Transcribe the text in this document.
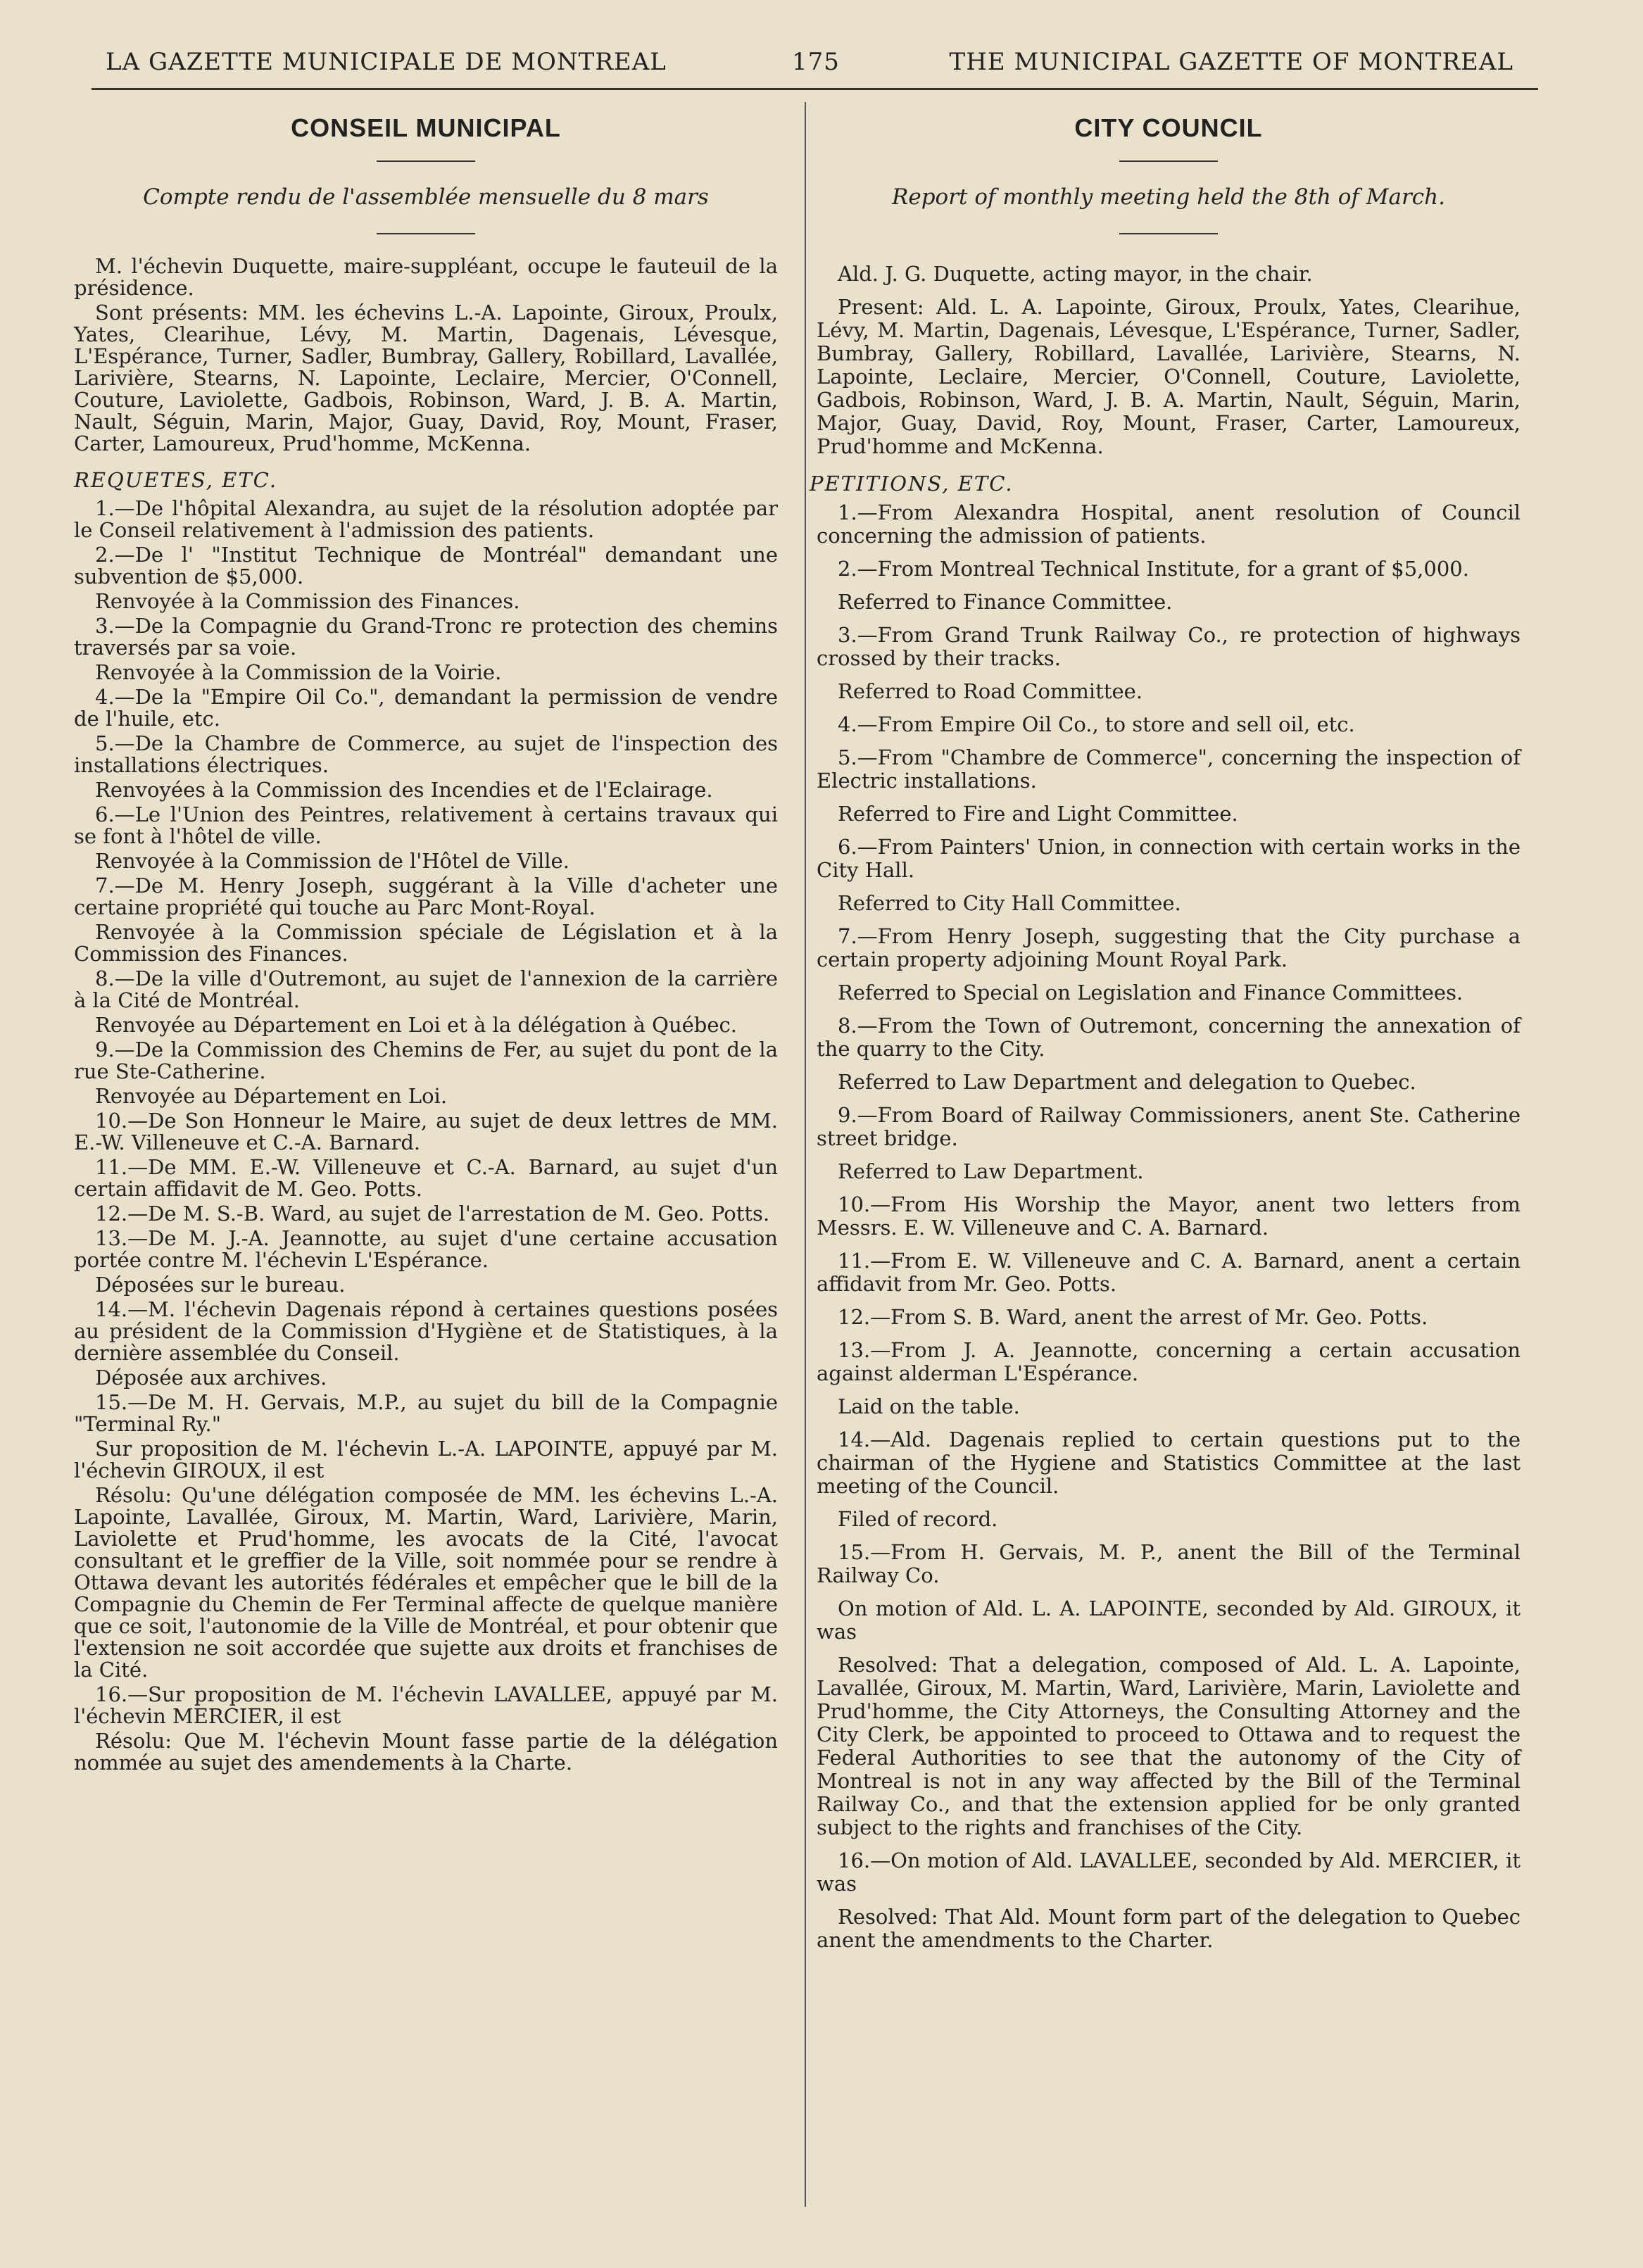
LA GAZETTE MUNICIPALE DE MONTREAL	175	THE MUNICIPAL GAZETTE OF MONTREAL
CONSEIL MUNICIPAL
Compte rendu de l'assemblée mensuelle du 8 mars

M. l'échevin Duquette, maire-suppléant, occupe le fauteuil de la présidence.

Sont présents: MM. les échevins L.-A. Lapointe, Giroux, Proulx, Yates, Clearihue, Lévy, M. Martin, Dagenais, Lévesque, L'Espérance, Turner, Sadler, Bumbray, Gallery, Robillard, Lavallée, Larivière, Stearns, N. Lapointe, Leclaire, Mercier, O'Connell, Couture, Laviolette, Gadbois, Robinson, Ward, J. B. A. Martin, Nault, Séguin, Marin, Major, Guay, David, Roy, Mount, Fraser, Carter, Lamoureux, Prud'homme, McKenna.

REQUETES, ETC.

1.—De l'hôpital Alexandra, au sujet de la résolution adoptée par le Conseil relativement à l'admission des patients.

2.—De l' "Institut Technique de Montréal" demandant une subvention de $5,000.

Renvoyée à la Commission des Finances.

3.—De la Compagnie du Grand-Tronc re protection des chemins traversés par sa voie.

Renvoyée à la Commission de la Voirie.

4.—De la "Empire Oil Co.", demandant la permission de vendre de l'huile, etc.

5.—De la Chambre de Commerce, au sujet de l'inspection des installations électriques.

Renvoyées à la Commission des Incendies et de l'Eclairage.

6.—Le l'Union des Peintres, relativement à certains travaux qui se font à l'hôtel de ville.

Renvoyée à la Commission de l'Hôtel de Ville.

7.—De M. Henry Joseph, suggérant à la Ville d'acheter une certaine propriété qui touche au Parc Mont-Royal.

Renvoyée à la Commission spéciale de Législation et à la Commission des Finances.

8.—De la ville d'Outremont, au sujet de l'annexion de la carrière à la Cité de Montréal.

Renvoyée au Département en Loi et à la délégation à Québec.

9.—De la Commission des Chemins de Fer, au sujet du pont de la rue Ste-Catherine.

Renvoyée au Département en Loi.

10.—De Son Honneur le Maire, au sujet de deux lettres de MM. E.-W. Villeneuve et C.-A. Barnard.

11.—De MM. E.-W. Villeneuve et C.-A. Barnard, au sujet d'un certain affidavit de M. Geo. Potts.

12.—De M. S.-B. Ward, au sujet de l'arrestation de M. Geo. Potts.

13.—De M. J.-A. Jeannotte, au sujet d'une certaine accusation portée contre M. l'échevin L'Espérance.

Déposées sur le bureau.

14.—M. l'échevin Dagenais répond à certaines questions posées au président de la Commission d'Hygiène et de Statistiques, à la dernière assemblée du Conseil.

Déposée aux archives.

15.—De M. H. Gervais, M.P., au sujet du bill de la Compagnie "Terminal Ry."

Sur proposition de M. l'échevin L.-A. LAPOINTE, appuyé par M. l'échevin GIROUX, il est

Résolu: Qu'une délégation composée de MM. les échevins L.-A. Lapointe, Lavallée, Giroux, M. Martin, Ward, Larivière, Marin, Laviolette et Prud'homme, les avocats de la Cité, l'avocat consultant et le greffier de la Ville, soit nommée pour se rendre à Ottawa devant les autorités fédérales et empêcher que le bill de la Compagnie du Chemin de Fer Terminal affecte de quelque manière que ce soit, l'autonomie de la Ville de Montréal, et pour obtenir que l'extension ne soit accordée que sujette aux droits et franchises de la Cité.

16.—Sur proposition de M. l'échevin LAVALLEE, appuyé par M. l'échevin MERCIER, il est

Résolu: Que M. l'échevin Mount fasse partie de la délégation nommée au sujet des amendements à la Charte.

CITY COUNCIL
Report of monthly meeting held the 8th of March.

Ald. J. G. Duquette, acting mayor, in the chair.

Present: Ald. L. A. Lapointe, Giroux, Proulx, Yates, Clearihue, Lévy, M. Martin, Dagenais, Lévesque, L'Espérance, Turner, Sadler, Bumbray, Gallery, Robillard, Lavallée, Larivière, Stearns, N. Lapointe, Leclaire, Mercier, O'Connell, Couture, Laviolette, Gadbois, Robinson, Ward, J. B. A. Martin, Nault, Séguin, Marin, Major, Guay, David, Roy, Mount, Fraser, Carter, Lamoureux, Prud'homme and McKenna.

PETITIONS, ETC.

1.—From Alexandra Hospital, anent resolution of Council concerning the admission of patients.

2.—From Montreal Technical Institute, for a grant of $5,000.

Referred to Finance Committee.

3.—From Grand Trunk Railway Co., re protection of highways crossed by their tracks.

Referred to Road Committee.

4.—From Empire Oil Co., to store and sell oil, etc.

5.—From "Chambre de Commerce", concerning the inspection of Electric installations.

Referred to Fire and Light Committee.

6.—From Painters' Union, in connection with certain works in the City Hall.

Referred to City Hall Committee.

7.—From Henry Joseph, suggesting that the City purchase a certain property adjoining Mount Royal Park.

Referred to Special on Legislation and Finance Committees.

8.—From the Town of Outremont, concerning the annexation of the quarry to the City.

Referred to Law Department and delegation to Quebec.

9.—From Board of Railway Commissioners, anent Ste. Catherine street bridge.

Referred to Law Department.

10.—From His Worship the Mayor, anent two letters from Messrs. E. W. Villeneuve and C. A. Barnard.

11.—From E. W. Villeneuve and C. A. Barnard, anent a certain affidavit from Mr. Geo. Potts.

12.—From S. B. Ward, anent the arrest of Mr. Geo. Potts.

13.—From J. A. Jeannotte, concerning a certain accusation against alderman L'Espérance.

Laid on the table.

14.—Ald. Dagenais replied to certain questions put to the chairman of the Hygiene and Statistics Committee at the last meeting of the Council.

Filed of record.

15.—From H. Gervais, M. P., anent the Bill of the Terminal Railway Co.

On motion of Ald. L. A. LAPOINTE, seconded by Ald. GIROUX, it was

Resolved: That a delegation, composed of Ald. L. A. Lapointe, Lavallée, Giroux, M. Martin, Ward, Larivière, Marin, Laviolette and Prud'homme, the City Attorneys, the Consulting Attorney and the City Clerk, be appointed to proceed to Ottawa and to request the Federal Authorities to see that the autonomy of the City of Montreal is not in any way affected by the Bill of the Terminal Railway Co., and that the extension applied for be only granted subject to the rights and franchises of the City.

16.—On motion of Ald. LAVALLEE, seconded by Ald. MERCIER, it was

Resolved: That Ald. Mount form part of the delegation to Quebec anent the amendments to the Charter.
